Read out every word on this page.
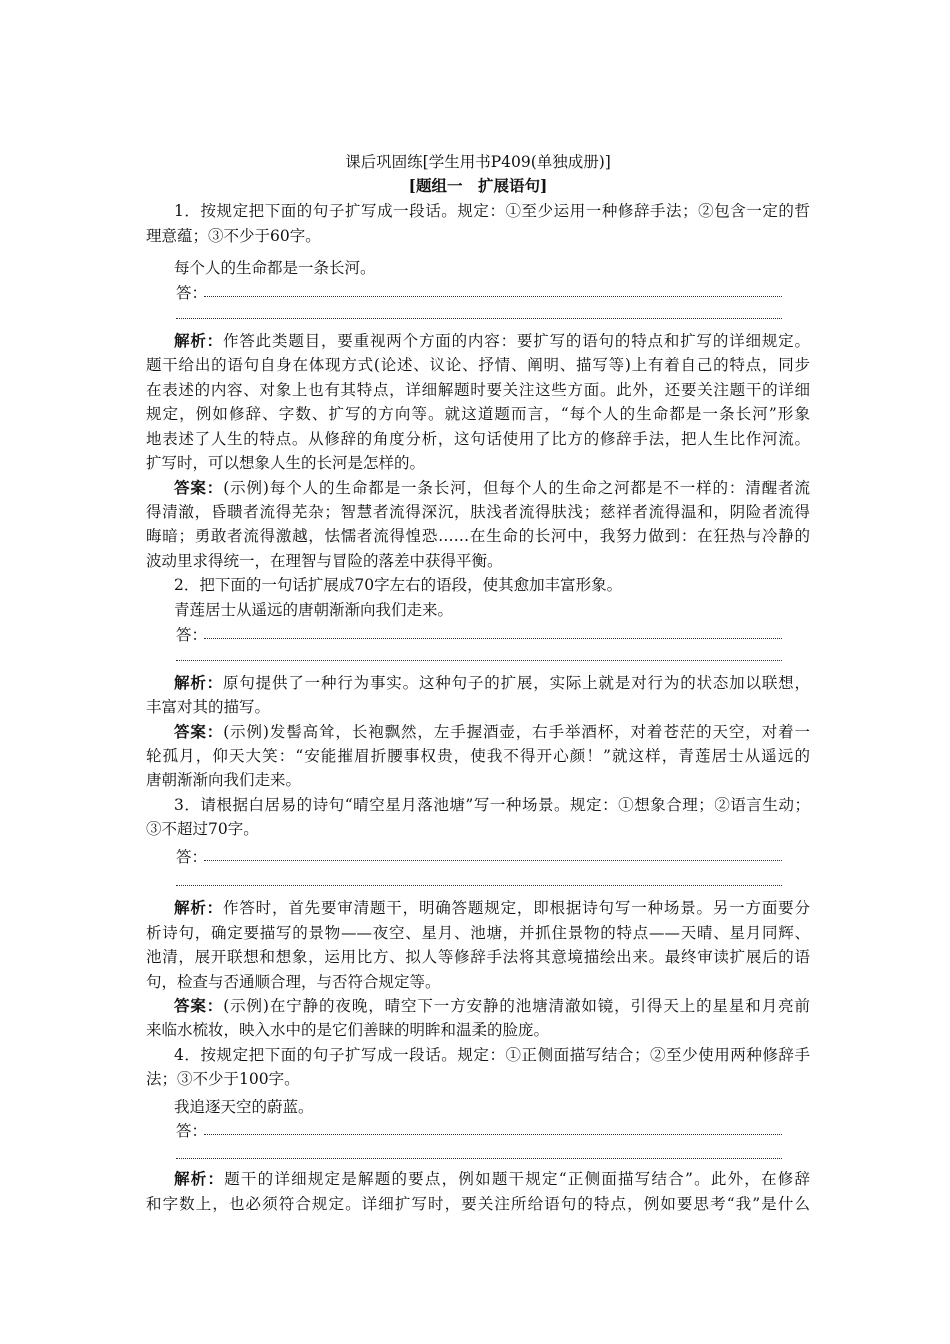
课后巩固练[学生用书P409(单独成册)]
[题组一　扩展语句]
1．按规定把下面的句子扩写成一段话。规定：①至少运用一种修辞手法；②包含一定的哲
理意蕴；③不少于60字。
每个人的生命都是一条长河。
答：
解析：作答此类题目，要重视两个方面的内容：要扩写的语句的特点和扩写的详细规定。
题干给出的语句自身在体现方式(论述、议论、抒情、阐明、描写等)上有着自己的特点，同步
在表述的内容、对象上也有其特点，详细解题时要关注这些方面。此外，还要关注题干的详细
规定，例如修辞、字数、扩写的方向等。就这道题而言，“每个人的生命都是一条长河”形象
地表述了人生的特点。从修辞的角度分析，这句话使用了比方的修辞手法，把人生比作河流。
扩写时，可以想象人生的长河是怎样的。
答案：(示例)每个人的生命都是一条长河，但每个人的生命之河都是不一样的：清醒者流
得清澈，昏聩者流得芜杂；智慧者流得深沉，肤浅者流得肤浅；慈祥者流得温和，阴险者流得
晦暗；勇敢者流得激越，怯懦者流得惶恐……在生命的长河中，我努力做到：在狂热与冷静的
波动里求得统一，在理智与冒险的落差中获得平衡。
2．把下面的一句话扩展成70字左右的语段，使其愈加丰富形象。
青莲居士从遥远的唐朝渐渐向我们走来。
答：
解析：原句提供了一种行为事实。这种句子的扩展，实际上就是对行为的状态加以联想，
丰富对其的描写。
答案：(示例)发髻高耸，长袍飘然，左手握酒壶，右手举酒杯，对着苍茫的天空，对着一
轮孤月，仰天大笑：“安能摧眉折腰事权贵，使我不得开心颜！”就这样，青莲居士从遥远的
唐朝渐渐向我们走来。
3．请根据白居易的诗句“晴空星月落池塘”写一种场景。规定：①想象合理；②语言生动；
③不超过70字。
答：
解析：作答时，首先要审清题干，明确答题规定，即根据诗句写一种场景。另一方面要分
析诗句，确定要描写的景物——夜空、星月、池塘，并抓住景物的特点——天晴、星月同辉、
池清，展开联想和想象，运用比方、拟人等修辞手法将其意境描绘出来。最终审读扩展后的语
句，检查与否通顺合理，与否符合规定等。
答案：(示例)在宁静的夜晚，晴空下一方安静的池塘清澈如镜，引得天上的星星和月亮前
来临水梳妆，映入水中的是它们善睐的明眸和温柔的脸庞。
4．按规定把下面的句子扩写成一段话。规定：①正侧面描写结合；②至少使用两种修辞手
法；③不少于100字。
我追逐天空的蔚蓝。
答：
解析：题干的详细规定是解题的要点，例如题干规定“正侧面描写结合”。此外，在修辞
和字数上，也必须符合规定。详细扩写时，要关注所给语句的特点，例如要思考“我”是什么
